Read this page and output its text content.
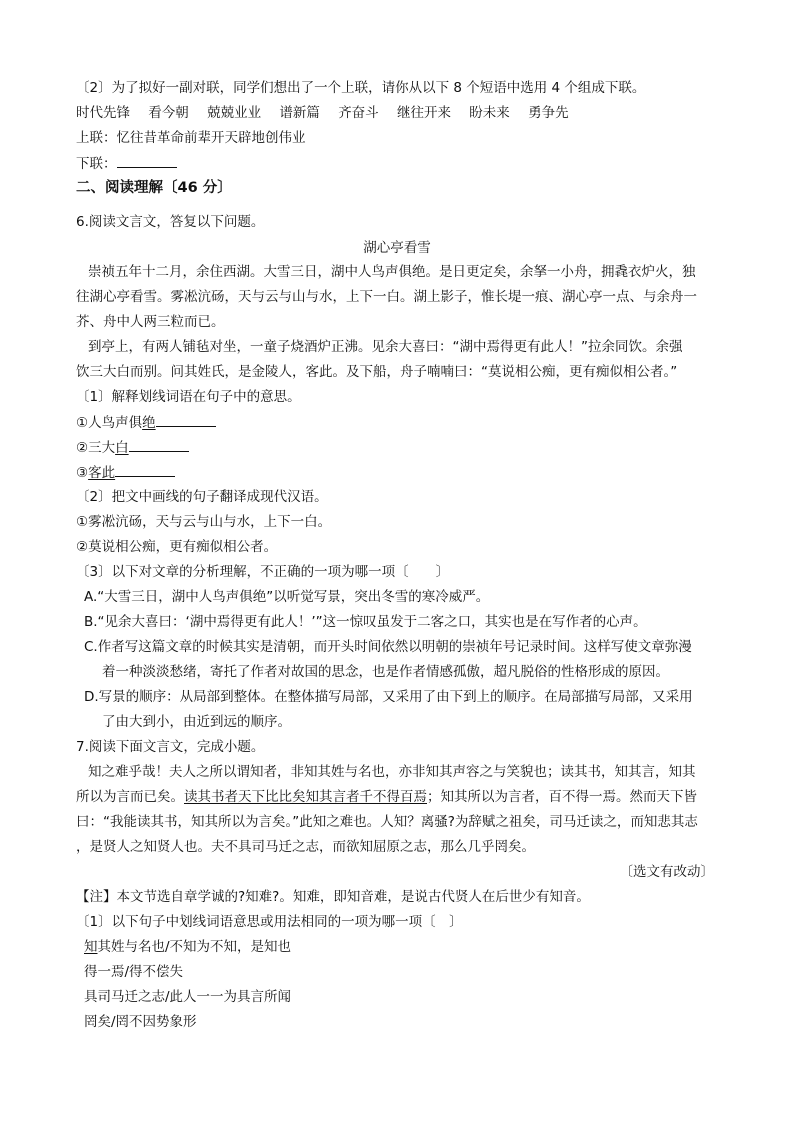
〔2〕为了拟好一副对联，同学们想出了一个上联，请你从以下 8 个短语中选用 4 个组成下联。
时代先锋 看今朝 兢兢业业 谱新篇 齐奋斗 继往开来 盼未来 勇争先
上联：忆往昔革命前辈开天辟地创伟业
下联：
二、阅读理解〔46 分〕
6.阅读文言文，答复以下问题。
湖心亭看雪
崇祯五年十二月，余住西湖。大雪三日，湖中人鸟声俱绝。是日更定矣，余拏一小舟，拥毳衣炉火，独
往湖心亭看雪。雾凇沆砀，天与云与山与水，上下一白。湖上影子，惟长堤一痕、湖心亭一点、与余舟一
芥、舟中人两三粒而已。
到亭上，有两人铺毡对坐，一童子烧酒炉正沸。见余大喜曰：“湖中焉得更有此人！”拉余同饮。余强
饮三大白而别。问其姓氏，是金陵人，客此。及下船，舟子喃喃曰：“莫说相公痴，更有痴似相公者。”
〔1〕解释划线词语在句子中的意思。
①人鸟声俱绝
②三大白
③客此
〔2〕把文中画线的句子翻译成现代汉语。
①雾凇沆砀，天与云与山与水，上下一白。
②莫说相公痴，更有痴似相公者。
〔3〕以下对文章的分析理解，不正确的一项为哪一项〔　　〕
A.“大雪三日，湖中人鸟声俱绝”以听觉写景，突出冬雪的寒冷威严。
B.“见余大喜曰：‘湖中焉得更有此人！’”这一惊叹虽发于二客之口，其实也是在写作者的心声。
C.作者写这篇文章的时候其实是清朝，而开头时间依然以明朝的崇祯年号记录时间。这样写使文章弥漫
着一种淡淡愁绪，寄托了作者对故国的思念，也是作者情感孤傲，超凡脱俗的性格形成的原因。
D.写景的顺序：从局部到整体。在整体描写局部，又采用了由下到上的顺序。在局部描写局部，又采用
了由大到小，由近到远的顺序。
7.阅读下面文言文，完成小题。
知之难乎哉！夫人之所以谓知者，非知其姓与名也，亦非知其声容之与笑貌也；读其书，知其言，知其
所以为言而已矣。读其书者天下比比矣知其言者千不得百焉；知其所以为言者，百不得一焉。然而天下皆
曰：“我能读其书，知其所以为言矣。”此知之难也。人知？离骚?为辞赋之祖矣，司马迁读之，而知悲其志
，是贤人之知贤人也。夫不具司马迁之志，而欲知屈原之志，那么几乎罔矣。
〔选文有改动〕
【注】本文节选自章学诚的?知难?。知难，即知音难，是说古代贤人在后世少有知音。
〔1〕以下句子中划线词语意思或用法相同的一项为哪一项〔　〕
知其姓与名也/不知为不知，是知也
得一焉/得不偿失
具司马迁之志/此人一一为具言所闻
罔矣/罔不因势象形
